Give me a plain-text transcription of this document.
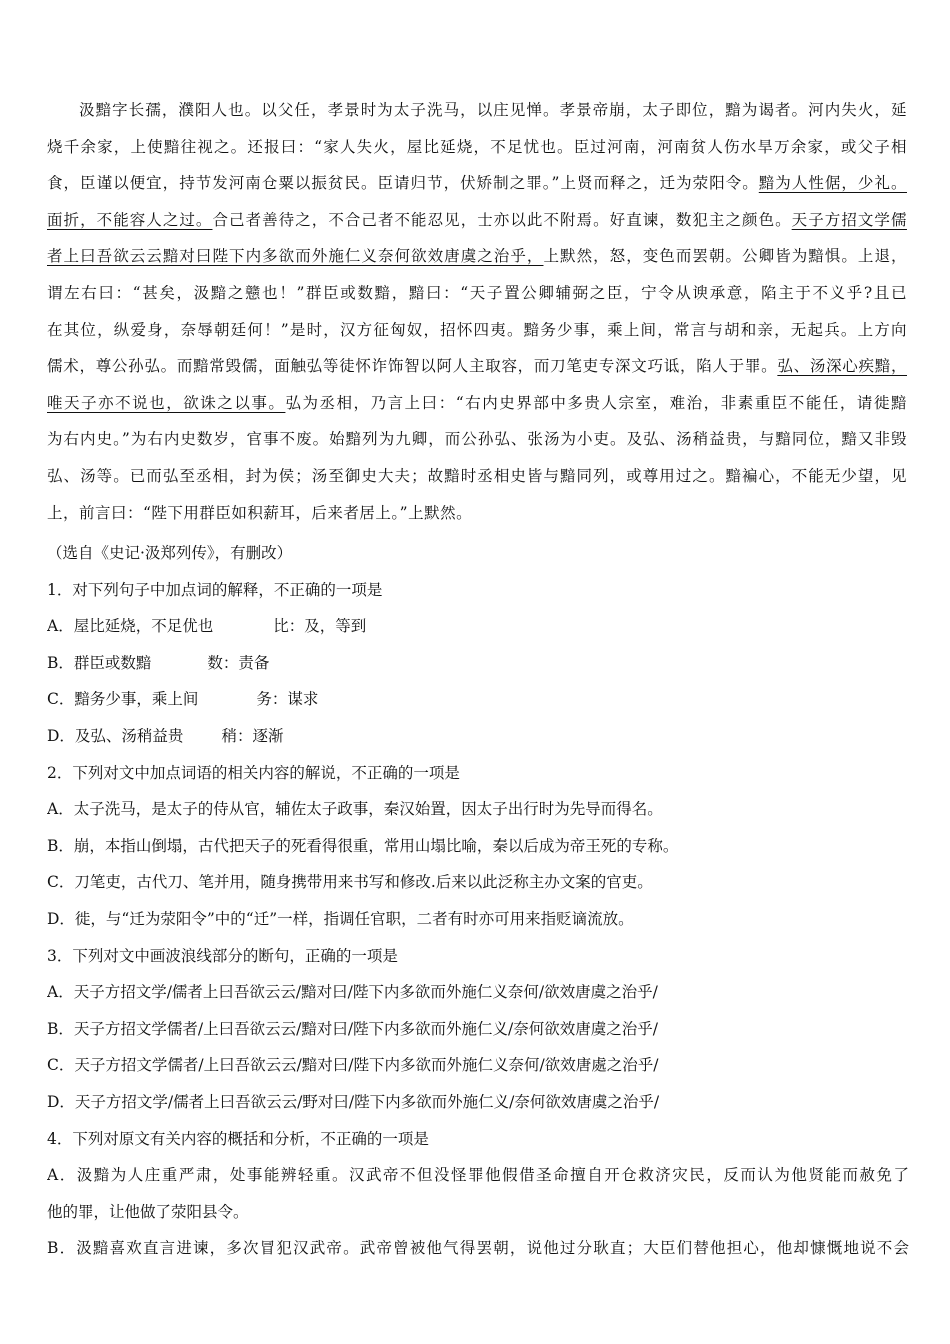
汲黯字长孺，濮阳人也。以父任，孝景时为太子洗马，以庄见惮。孝景帝崩，太子即位，黯为谒者。河内失火，延
烧千余家，上使黯往视之。还报曰：“家人失火，屋比延烧，不足忧也。臣过河南，河南贫人伤水旱万余家，或父子相
食，臣谨以便宜，持节发河南仓粟以振贫民。臣请归节，伏矫制之罪。”上贤而释之，迁为荥阳令。黯为人性倨，少礼。
面折，不能容人之过。合己者善待之，不合己者不能忍见，士亦以此不附焉。好直谏，数犯主之颜色。天子方招文学儒
者上曰吾欲云云黯对曰陛下内多欲而外施仁义奈何欲效唐虞之治乎，上默然，怒，变色而罢朝。公卿皆为黯惧。上退，
谓左右曰：“甚矣，汲黯之戆也！”群臣或数黯，黯曰：“天子置公卿辅弼之臣，宁令从谀承意，陷主于不义乎?且已
在其位，纵爱身，奈辱朝廷何！”是时，汉方征匈奴，招怀四夷。黯务少事，乘上间，常言与胡和亲，无起兵。上方向
儒术，尊公孙弘。而黯常毁儒，面触弘等徒怀诈饰智以阿人主取容，而刀笔吏专深文巧诋，陷人于罪。弘、汤深心疾黯，
唯天子亦不说也，欲诛之以事。弘为丞相，乃言上曰：“右内史界部中多贵人宗室，难治，非素重臣不能任，请徙黯
为右内史。”为右内史数岁，官事不废。始黯列为九卿，而公孙弘、张汤为小吏。及弘、汤稍益贵，与黯同位，黯又非毁
弘、汤等。已而弘至丞相，封为侯；汤至御史大夫；故黯时丞相史皆与黯同列，或尊用过之。黯褊心，不能无少望，见
上，前言曰：“陛下用群臣如积薪耳，后来者居上。”上默然。
（选自《史记·汲郑列传》，有删改）
1．对下列句子中加点词的解释，不正确的一项是
A．屋比延烧，不足优也	比：及，等到
B．群臣或数黯	数：责备
C．黯务少事，乘上间	务：谋求
D．及弘、汤稍益贵 稍：逐渐
2．下列对文中加点词语的相关内容的解说，不正确的一项是
A．太子洗马，是太子的侍从官，辅佐太子政事，秦汉始置，因太子出行时为先导而得名。
B．崩，本指山倒塌，古代把天子的死看得很重，常用山塌比喻，秦以后成为帝王死的专称。
C．刀笔吏，古代刀、笔并用，随身携带用来书写和修改.后来以此泛称主办文案的官吏。
D．徙，与“迁为荥阳令”中的“迁”一样，指调任官职，二者有时亦可用来指贬谪流放。
3．下列对文中画波浪线部分的断句，正确的一项是
A．天子方招文学/儒者上曰吾欲云云/黯对曰/陛下内多欲而外施仁义奈何/欲效唐虞之治乎/
B．天子方招文学儒者/上曰吾欲云云/黯对曰/陛下内多欲而外施仁义/奈何欲效唐虞之治乎/
C．天子方招文学儒者/上曰吾欲云云/黯对曰/陛下内多欲而外施仁义奈何/欲效唐處之治乎/
D．天子方招文学/儒者上曰吾欲云云/野对曰/陛下内多欲而外施仁义/奈何欲效唐虞之治乎/
4．下列对原文有关内容的概括和分析，不正确的一项是
A．汲黯为人庄重严肃，处事能辨轻重。汉武帝不但没怪罪他假借圣命擅自开仓救济灾民，反而认为他贤能而赦免了
他的罪，让他做了荥阳县令。
B．汲黯喜欢直言进谏，多次冒犯汉武帝。武帝曾被他气得罢朝，说他过分耿直；大臣们替他担心，他却慷慨地说不会
